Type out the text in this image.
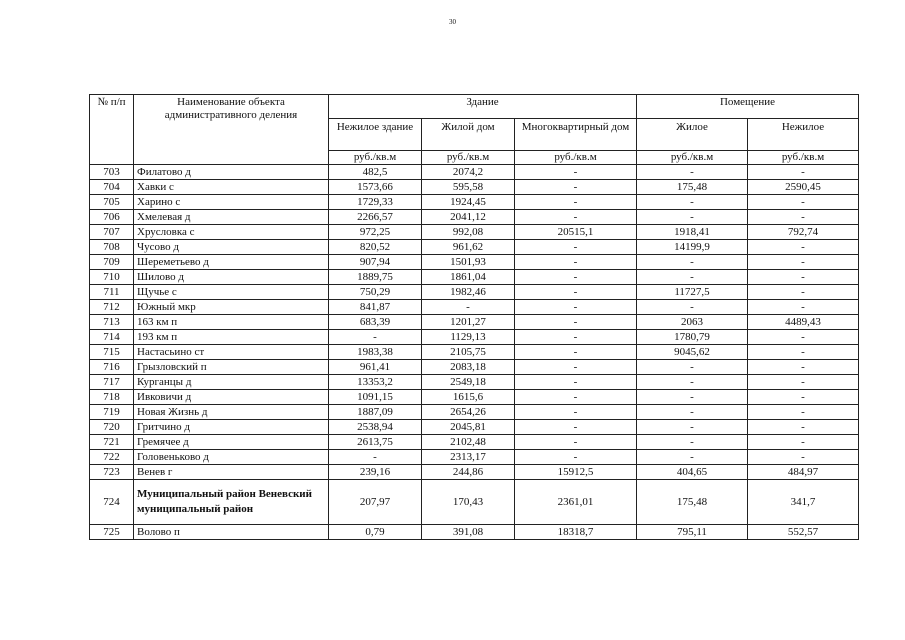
30
№ п/п	Наименование объекта административного деления	Здание			Помещение	
		Нежилое здание	Жилой дом	Многоквартирный дом	Жилое	Нежилое
		руб./кв.м	руб./кв.м	руб./кв.м	руб./кв.м	руб./кв.м
703	Филатово д	482,5	2074,2	-	-	-
704	Хавки с	1573,66	595,58	-	175,48	2590,45
705	Харино с	1729,33	1924,45	-	-	-
706	Хмелевая д	2266,57	2041,12	-	-	-
707	Хрусловка с	972,25	992,08	20515,1	1918,41	792,74
708	Чусово д	820,52	961,62	-	14199,9	-
709	Шереметьево д	907,94	1501,93	-	-	-
710	Шилово д	1889,75	1861,04	-	-	-
711	Щучье с	750,29	1982,46	-	11727,5	-
712	Южный мкр	841,87	-	-	-	-
713	163 км п	683,39	1201,27	-	2063	4489,43
714	193 км п	-	1129,13	-	1780,79	-
715	Настасьино ст	1983,38	2105,75	-	9045,62	-
716	Грызловский п	961,41	2083,18	-	-	-
717	Курганцы д	13353,2	2549,18	-	-	-
718	Ивковичи д	1091,15	1615,6	-	-	-
719	Новая Жизнь д	1887,09	2654,26	-	-	-
720	Гритчино д	2538,94	2045,81	-	-	-
721	Гремячее д	2613,75	2102,48	-	-	-
722	Головеньково д	-	2313,17	-	-	-
723	Венев г	239,16	244,86	15912,5	404,65	484,97
724	Муниципальный район Веневский муниципальный район	207,97	170,43	2361,01	175,48	341,7
725	Волово п	0,79	391,08	18318,7	795,11	552,57
